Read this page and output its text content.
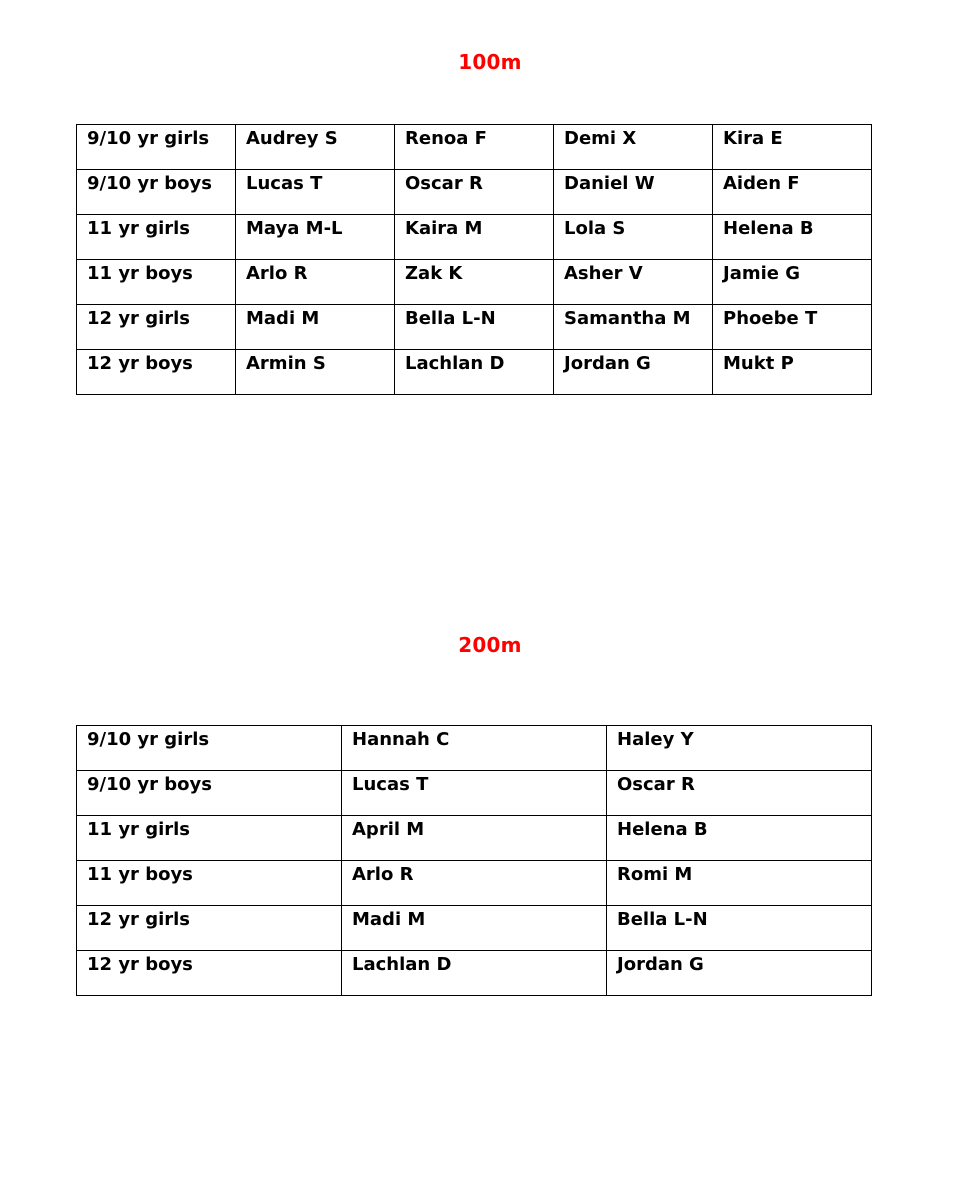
100m
9/10 yr girls	Audrey S	Renoa F	Demi X	Kira E
9/10 yr boys	Lucas T	Oscar R	Daniel W	Aiden F
11 yr girls	Maya M-L	Kaira M	Lola S	Helena B
11 yr boys	Arlo R	Zak K	Asher V	Jamie G
12 yr girls	Madi M	Bella L-N	Samantha M	Phoebe T
12 yr boys	Armin S	Lachlan D	Jordan G	Mukt P
200m
9/10 yr girls	Hannah C	Haley Y
9/10 yr boys	Lucas T	Oscar R
11 yr girls	April M	Helena B
11 yr boys	Arlo R	Romi M
12 yr girls	Madi M	Bella L-N
12 yr boys	Lachlan D	Jordan G
